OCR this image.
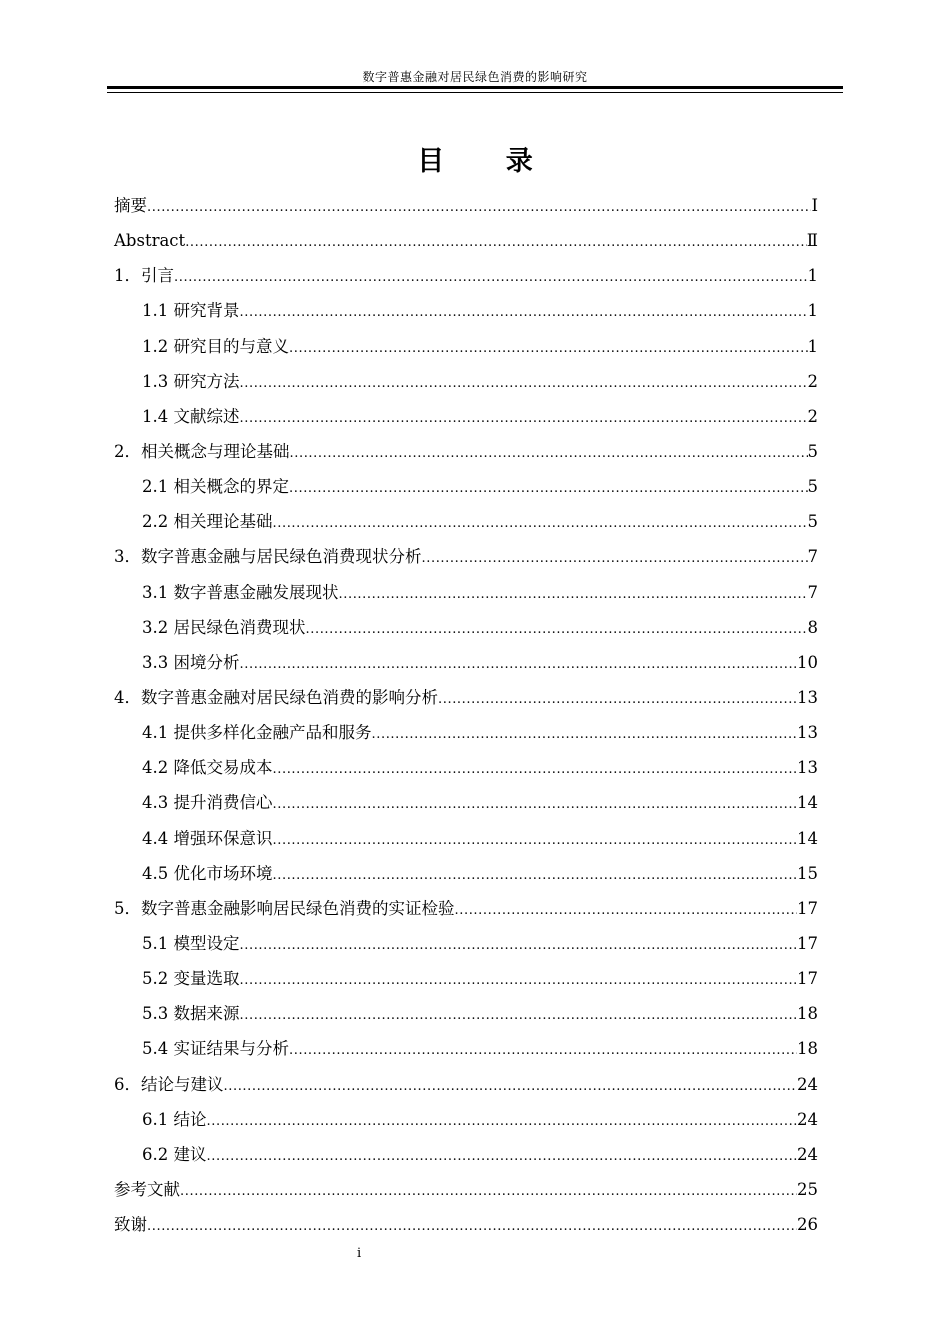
数字普惠金融对居民绿色消费的影响研究
目 录
摘要 .....	Ⅰ
Abstract .....	Ⅱ
1．引言 .....	1
1.1 研究背景 .....	1
1.2 研究目的与意义 .....	1
1.3 研究方法 .....	2
1.4 文献综述 .....	2
2．相关概念与理论基础 .....	5
2.1 相关概念的界定 .....	5
2.2 相关理论基础 .....	5
3．数字普惠金融与居民绿色消费现状分析 .....	7
3.1 数字普惠金融发展现状 .....	7
3.2 居民绿色消费现状 .....	8
3.3 困境分析 .....	10
4．数字普惠金融对居民绿色消费的影响分析 .....	13
4.1 提供多样化金融产品和服务 .....	13
4.2 降低交易成本 .....	13
4.3 提升消费信心 .....	14
4.4 增强环保意识 .....	14
4.5 优化市场环境 .....	15
5．数字普惠金融影响居民绿色消费的实证检验 .....	17
5.1 模型设定 .....	17
5.2 变量选取 .....	17
5.3 数据来源 .....	18
5.4 实证结果与分析 .....	18
6．结论与建议 .....	24
6.1 结论 .....	24
6.2 建议 .....	24
参考文献 .....	25
致谢 .....	26
i
